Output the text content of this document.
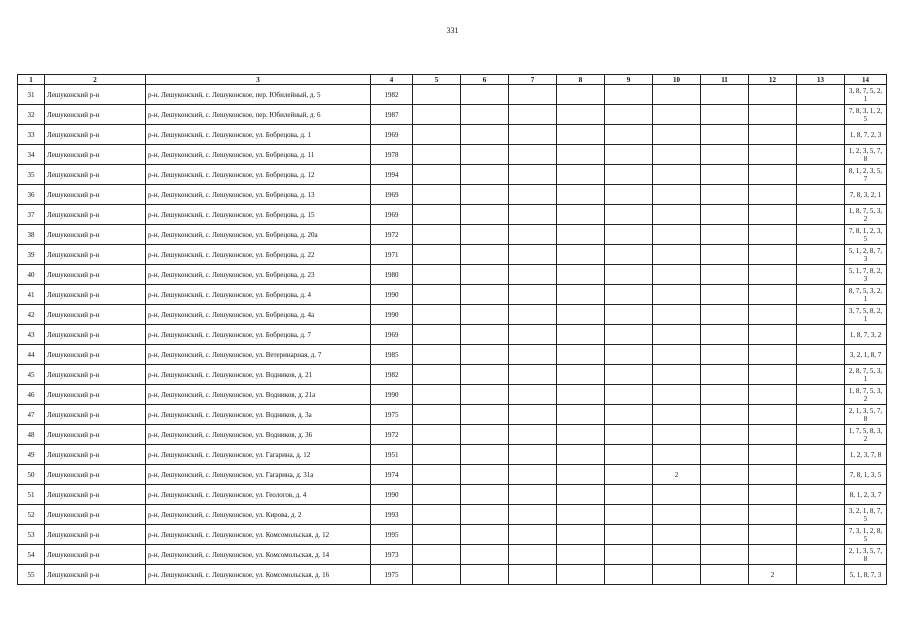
331
1	2	3	4	5	6	7	8	9	10	11	12	13	14
31	Лешуконский р-н	р-н. Лешуконский, с. Лешуконское, пер. Юбилейный, д. 5	1982										3, 8, 7, 5, 2, 1
32	Лешуконский р-н	р-н. Лешуконский, с. Лешуконское, пер. Юбилейный, д. 6	1987										7, 8, 3, 1, 2, 5
33	Лешуконский р-н	р-н. Лешуконский, с. Лешуконское, ул. Бобрецова, д. 1	1969										1, 8, 7, 2, 3
34	Лешуконский р-н	р-н. Лешуконский, с. Лешуконское, ул. Бобрецова, д. 11	1978										1, 2, 3, 5, 7, 8
35	Лешуконский р-н	р-н. Лешуконский, с. Лешуконское, ул. Бобрецова, д. 12	1994										8, 1, 2, 3, 5, 7
36	Лешуконский р-н	р-н. Лешуконский, с. Лешуконское, ул. Бобрецова, д. 13	1969										7, 8, 3, 2, 1
37	Лешуконский р-н	р-н. Лешуконский, с. Лешуконское, ул. Бобрецова, д. 15	1969										1, 8, 7, 5, 3, 2
38	Лешуконский р-н	р-н. Лешуконский, с. Лешуконское, ул. Бобрецова, д. 20а	1972										7, 8, 1, 2, 3, 5
39	Лешуконский р-н	р-н. Лешуконский, с. Лешуконское, ул. Бобрецова, д. 22	1971										5, 1, 2, 8, 7, 3
40	Лешуконский р-н	р-н. Лешуконский, с. Лешуконское, ул. Бобрецова, д. 23	1980										5, 1, 7, 8, 2, 3
41	Лешуконский р-н	р-н. Лешуконский, с. Лешуконское, ул. Бобрецова, д. 4	1990										8, 7, 5, 3, 2, 1
42	Лешуконский р-н	р-н. Лешуконский, с. Лешуконское, ул. Бобрецова, д. 4а	1990										3, 7, 5, 8, 2, 1
43	Лешуконский р-н	р-н. Лешуконский, с. Лешуконское, ул. Бобрецова, д. 7	1969										1, 8, 7, 3, 2
44	Лешуконский р-н	р-н. Лешуконский, с. Лешуконское, ул. Ветеринарная, д. 7	1985										3, 2, 1, 8, 7
45	Лешуконский р-н	р-н. Лешуконский, с. Лешуконское, ул. Водников, д. 21	1982										2, 8, 7, 5, 3, 1
46	Лешуконский р-н	р-н. Лешуконский, с. Лешуконское, ул. Водников, д. 21а	1990										1, 8, 7, 5, 3, 2
47	Лешуконский р-н	р-н. Лешуконский, с. Лешуконское, ул. Водников, д. 3а	1975										2, 1, 3, 5, 7, 8
48	Лешуконский р-н	р-н. Лешуконский, с. Лешуконское, ул. Водников, д. 36	1972										1, 7, 5, 8, 3, 2
49	Лешуконский р-н	р-н. Лешуконский, с. Лешуконское, ул. Гагарина, д. 12	1951										1, 2, 3, 7, 8
50	Лешуконский р-н	р-н. Лешуконский, с. Лешуконское, ул. Гагарина, д. 31а	1974						2				7, 8, 1, 3, 5
51	Лешуконский р-н	р-н. Лешуконский, с. Лешуконское, ул. Геологов, д. 4	1990										8, 1, 2, 3, 7
52	Лешуконский р-н	р-н. Лешуконский, с. Лешуконское, ул. Кирова, д. 2	1993										3, 2, 1, 8, 7, 5
53	Лешуконский р-н	р-н. Лешуконский, с. Лешуконское, ул. Комсомольская, д. 12	1995										7, 3, 1, 2, 8, 5
54	Лешуконский р-н	р-н. Лешуконский, с. Лешуконское, ул. Комсомольская, д. 14	1973										2, 1, 3, 5, 7, 8
55	Лешуконский р-н	р-н. Лешуконский, с. Лешуконское, ул. Комсомольская, д. 16	1975								2		5, 1, 8, 7, 3
